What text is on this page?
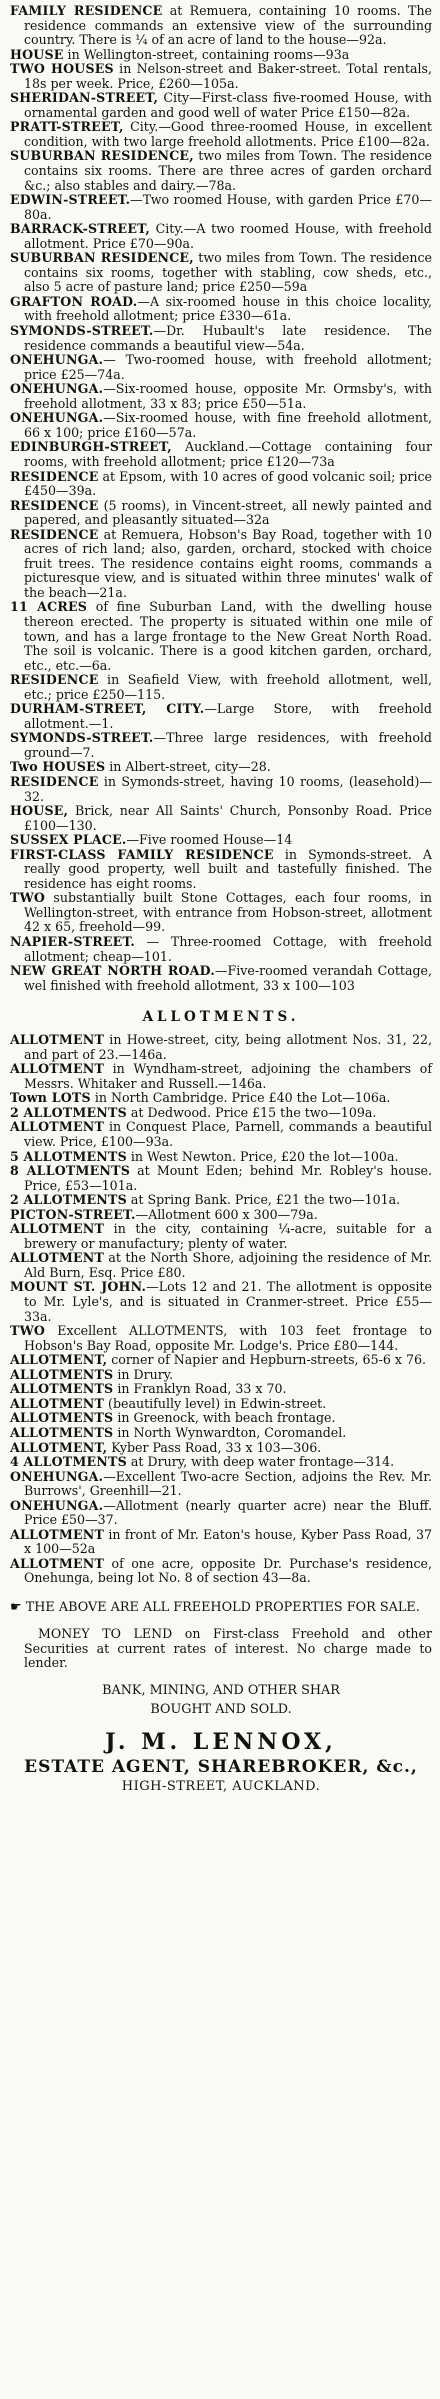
FAMILY RESIDENCE at Remuera, containing 10 rooms. The residence commands an extensive view of the surrounding country. There is ¼ of an acre of land to the house—92a.

HOUSE in Wellington-street, containing rooms—93a

TWO HOUSES in Nelson-street and Baker-street. Total rentals, 18s per week. Price, £260—105a.

SHERIDAN-STREET, City—First-class five-roomed House, with ornamental garden and good well of water Price £150—82a.

PRATT-STREET, City.—Good three-roomed House, in excellent condition, with two large freehold allotments. Price £100—82a.

SUBURBAN RESIDENCE, two miles from Town. The residence contains six rooms. There are three acres of garden orchard &c.; also stables and dairy.—78a.

EDWIN-STREET.—Two roomed House, with garden Price £70—80a.

BARRACK-STREET, City.—A two roomed House, with freehold allotment. Price £70—90a.

SUBURBAN RESIDENCE, two miles from Town. The residence contains six rooms, together with stabling, cow sheds, etc., also 5 acre of pasture land; price £250—59a

GRAFTON ROAD.—A six-roomed house in this choice locality, with freehold allotment; price £330—61a.

SYMONDS-STREET.—Dr. Hubault's late residence. The residence commands a beautiful view—54a.

ONEHUNGA.— Two-roomed house, with freehold allotment; price £25—74a.

ONEHUNGA.—Six-roomed house, opposite Mr. Ormsby's, with freehold allotment, 33 x 83; price £50—51a.

ONEHUNGA.—Six-roomed house, with fine freehold allotment, 66 x 100; price £160—57a.

EDINBURGH-STREET, Auckland.—Cottage containing four rooms, with freehold allotment; price £120—73a

RESIDENCE at Epsom, with 10 acres of good volcanic soil; price £450—39a.

RESIDENCE (5 rooms), in Vincent-street, all newly painted and papered, and pleasantly situated—32a

RESIDENCE at Remuera, Hobson's Bay Road, together with 10 acres of rich land; also, garden, orchard, stocked with choice fruit trees. The residence contains eight rooms, commands a picturesque view, and is situated within three minutes' walk of the beach—21a.

11 ACRES of fine Suburban Land, with the dwelling house thereon erected. The property is situated within one mile of town, and has a large frontage to the New Great North Road. The soil is volcanic. There is a good kitchen garden, orchard, etc., etc.—6a.

RESIDENCE in Seafield View, with freehold allotment, well, etc.; price £250—115.

DURHAM-STREET, CITY.—Large Store, with freehold allotment.—1.

SYMONDS-STREET.—Three large residences, with freehold ground—7.

Two HOUSES in Albert-street, city—28.

RESIDENCE in Symonds-street, having 10 rooms, (leasehold)—32.

HOUSE, Brick, near All Saints' Church, Ponsonby Road. Price £100—130.

SUSSEX PLACE.—Five roomed House—14

FIRST-CLASS FAMILY RESIDENCE in Symonds-street. A really good property, well built and tastefully finished. The residence has eight rooms.

TWO substantially built Stone Cottages, each four rooms, in Wellington-street, with entrance from Hobson-street, allotment 42 x 65, freehold—99.

NAPIER-STREET. — Three-roomed Cottage, with freehold allotment; cheap—101.

NEW GREAT NORTH ROAD.—Five-roomed verandah Cottage, wel finished with freehold allotment, 33 x 100—103

ALLOTMENTS.

ALLOTMENT in Howe-street, city, being allotment Nos. 31, 22, and part of 23.—146a.

ALLOTMENT in Wyndham-street, adjoining the chambers of Messrs. Whitaker and Russell.—146a.

Town LOTS in North Cambridge. Price £40 the Lot—106a.

2 ALLOTMENTS at Dedwood. Price £15 the two—109a.

ALLOTMENT in Conquest Place, Parnell, commands a beautiful view. Price, £100—93a.

5 ALLOTMENTS in West Newton. Price, £20 the lot—100a.

8 ALLOTMENTS at Mount Eden; behind Mr. Robley's house. Price, £53—101a.

2 ALLOTMENTS at Spring Bank. Price, £21 the two—101a.

PICTON-STREET.—Allotment 600 x 300—79a.

ALLOTMENT in the city, containing ¼-acre, suitable for a brewery or manufactury; plenty of water.

ALLOTMENT at the North Shore, adjoining the residence of Mr. Ald Burn, Esq. Price £80.

MOUNT ST. JOHN.—Lots 12 and 21. The allotment is opposite to Mr. Lyle's, and is situated in Cranmer-street. Price £55—33a.

TWO Excellent ALLOTMENTS, with 103 feet frontage to Hobson's Bay Road, opposite Mr. Lodge's. Price £80—144.

ALLOTMENT, corner of Napier and Hepburn-streets, 65-6 x 76.

ALLOTMENTS in Drury.

ALLOTMENTS in Franklyn Road, 33 x 70.

ALLOTMENT (beautifully level) in Edwin-street.

ALLOTMENTS in Greenock, with beach frontage.

ALLOTMENTS in North Wynwardton, Coromandel.

ALLOTMENT, Kyber Pass Road, 33 x 103—306.

4 ALLOTMENTS at Drury, with deep water frontage—314.

ONEHUNGA.—Excellent Two-acre Section, adjoins the Rev. Mr. Burrows', Greenhill—21.

ONEHUNGA.—Allotment (nearly quarter acre) near the Bluff. Price £50—37.

ALLOTMENT in front of Mr. Eaton's house, Kyber Pass Road, 37 x 100—52a

ALLOTMENT of one acre, opposite Dr. Purchase's residence, Onehunga, being lot No. 8 of section 43—8a.

☛ THE ABOVE ARE ALL FREEHOLD PROPERTIES FOR SALE.

MONEY TO LEND on First-class Freehold and other Securities at current rates of interest. No charge made to lender.

BANK, MINING, AND OTHER SHAR

BOUGHT AND SOLD.

J. M. LENNOX,

ESTATE AGENT, SHAREBROKER, &c.,

HIGH-STREET, AUCKLAND.
